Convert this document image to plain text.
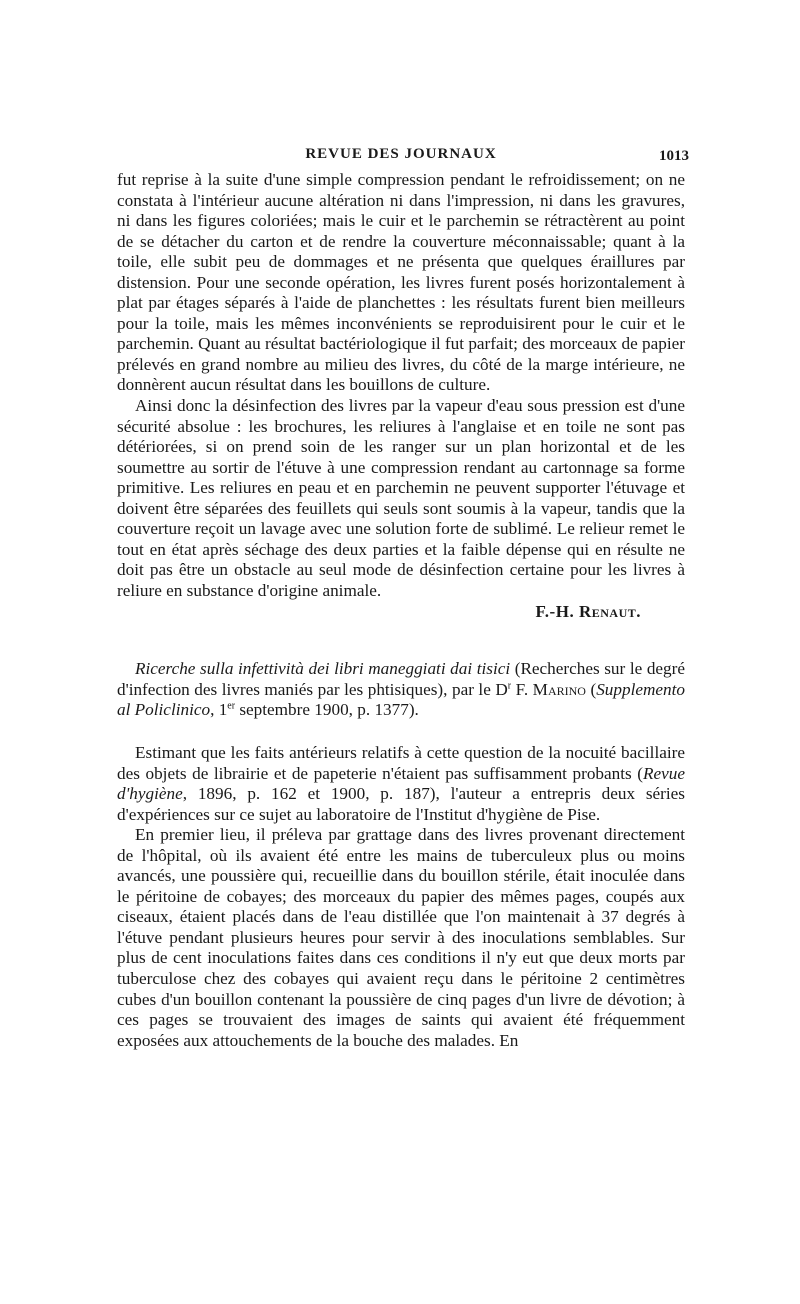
REVUE DES JOURNAUX	1013

fut reprise à la suite d'une simple compression pendant le refroidissement; on ne constata à l'intérieur aucune altération ni dans l'impression, ni dans les gravures, ni dans les figures coloriées; mais le cuir et le parchemin se rétractèrent au point de se détacher du carton et de rendre la couverture méconnaissable; quant à la toile, elle subit peu de dommages et ne présenta que quelques éraillures par distension. Pour une seconde opération, les livres furent posés horizontalement à plat par étages séparés à l'aide de planchettes : les résultats furent bien meilleurs pour la toile, mais les mêmes inconvénients se reproduisirent pour le cuir et le parchemin. Quant au résultat bactériologique il fut parfait; des morceaux de papier prélevés en grand nombre au milieu des livres, du côté de la marge intérieure, ne donnèrent aucun résultat dans les bouillons de culture.

Ainsi donc la désinfection des livres par la vapeur d'eau sous pression est d'une sécurité absolue : les brochures, les reliures à l'anglaise et en toile ne sont pas détériorées, si on prend soin de les ranger sur un plan horizontal et de les soumettre au sortir de l'étuve à une compression rendant au cartonnage sa forme primitive. Les reliures en peau et en parchemin ne peuvent supporter l'étuvage et doivent être séparées des feuillets qui seuls sont soumis à la vapeur, tandis que la couverture reçoit un lavage avec une solution forte de sublimé. Le relieur remet le tout en état après séchage des deux parties et la faible dépense qui en résulte ne doit pas être un obstacle au seul mode de désinfection certaine pour les livres à reliure en substance d'origine animale.

F.-H. Renaut.

Ricerche sulla infettività dei libri maneggiati dai tisici (Recherches sur le degré d'infection des livres maniés par les phtisiques), par le $D^r$ F. Marino (Supplemento al Policlinico, 1er septembre 1900, p. 1377).

Estimant que les faits antérieurs relatifs à cette question de la nocuité bacillaire des objets de librairie et de papeterie n'étaient pas suffisamment probants (Revue d'hygiène, 1896, p. 162 et 1900, p. 187), l'auteur a entrepris deux séries d'expériences sur ce sujet au laboratoire de l'Institut d'hygiène de Pise.

En premier lieu, il préleva par grattage dans des livres provenant directement de l'hôpital, où ils avaient été entre les mains de tuberculeux plus ou moins avancés, une poussière qui, recueillie dans du bouillon stérile, était inoculée dans le péritoine de cobayes; des morceaux du papier des mêmes pages, coupés aux ciseaux, étaient placés dans de l'eau distillée que l'on maintenait à 37 degrés à l'étuve pendant plusieurs heures pour servir à des inoculations semblables. Sur plus de cent inoculations faites dans ces conditions il n'y eut que deux morts par tuberculose chez des cobayes qui avaient reçu dans le péritoine 2 centimètres cubes d'un bouillon contenant la poussière de cinq pages d'un livre de dévotion; à ces pages se trouvaient des images de saints qui avaient été fréquemment exposées aux attouchements de la bouche des malades. En
